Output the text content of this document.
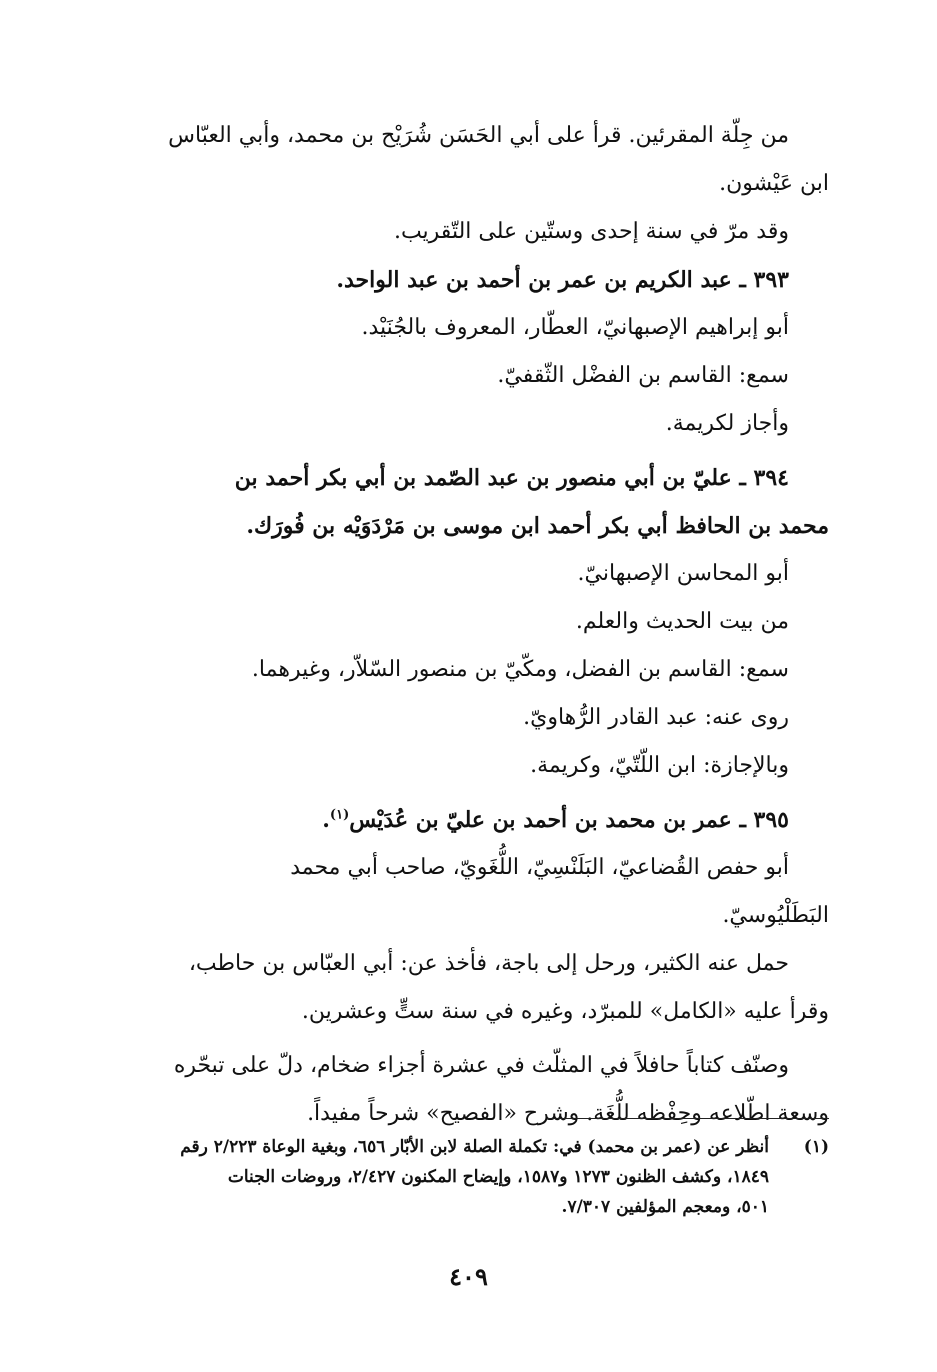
من جِلّة المقرئين. قرأ على أبي الحَسَن شُرَيْح بن محمد، وأبي العبّاس
ابن عَيْشون.
وقد مرّ في سنة إحدى وستّين على التّقريب.
٣٩٣ ـ عبد الكريم بن عمر بن أحمد بن عبد الواحد.
أبو إبراهيم الإصبهانيّ، العطّار، المعروف بالجُنَيْد.
سمع: القاسم بن الفضْل الثّقفيّ.
وأجاز لكريمة.
٣٩٤ ـ عليّ بن أبي منصور بن عبد الصّمد بن أبي بكر أحمد بن
محمد بن الحافظ أبي بكر أحمد ابن موسى بن مَرْدَوَيْه بن فُورَك.
أبو المحاسن الإصبهانيّ.
من بيت الحديث والعلم.
سمع: القاسم بن الفضل، ومكّيّ بن منصور السّلاّر، وغيرهما.
روى عنه: عبد القادر الرُّهاويّ.
وبالإجازة: ابن اللّتّيّ، وكريمة.
٣٩٥ ـ عمر بن محمد بن أحمد بن عليّ بن عُدَيْس$^{(١)}$.
أبو حفص القُضاعيّ، البَلَنْسِيّ، اللُّغَويّ، صاحب أبي محمد
البَطَلْيُوسيّ.
حمل عنه الكثير، ورحل إلى باجة، فأخذ عن: أبي العبّاس بن حاطب،
وقرأ عليه «الكامل» للمبرّد، وغيره في سنة ستٍّ وعشرين.
وصنّف كتاباً حافلاً في المثلّث في عشرة أجزاء ضخام، دلّ على تبحّره
وسعة اطّلاعه وحِفْظه للُّغَة. وشرح «الفصيح» شرحاً مفيداً.
(١)
أنظر عن (عمر بن محمد) في: تكملة الصلة لابن الأبّار ٦٥٦، وبغية الوعاة ٢/٢٢٣ رقم
١٨٤٩، وكشف الظنون ١٢٧٣ و١٥٨٧، وإيضاح المكنون ٢/٤٢٧، وروضات الجنات
٥٠١، ومعجم المؤلفين ٧/٣٠٧.
٤٠٩
